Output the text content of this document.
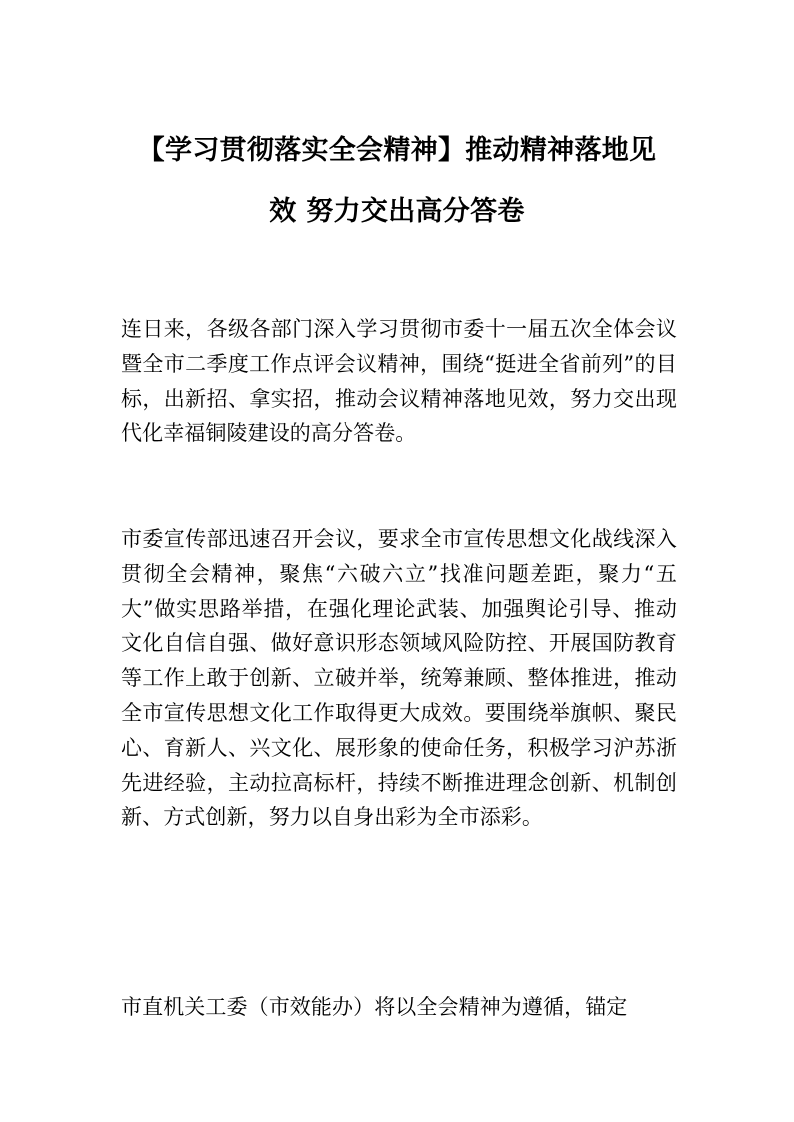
【学习贯彻落实全会精神】推动精神落地见
效 努力交出高分答卷

连日来，各级各部门深入学习贯彻市委十一届五次全体会议暨全市二季度工作点评会议精神，围绕“挺进全省前列”的目标，出新招、拿实招，推动会议精神落地见效，努力交出现代化幸福铜陵建设的高分答卷。

市委宣传部迅速召开会议，要求全市宣传思想文化战线深入贯彻全会精神，聚焦“六破六立”找准问题差距，聚力“五大”做实思路举措，在强化理论武装、加强舆论引导、推动文化自信自强、做好意识形态领域风险防控、开展国防教育等工作上敢于创新、立破并举，统筹兼顾、整体推进，推动全市宣传思想文化工作取得更大成效。要围绕举旗帜、聚民心、育新人、兴文化、展形象的使命任务，积极学习沪苏浙先进经验，主动拉高标杆，持续不断推进理念创新、机制创新、方式创新，努力以自身出彩为全市添彩。

市直机关工委（市效能办）将以全会精神为遵循，锚定
